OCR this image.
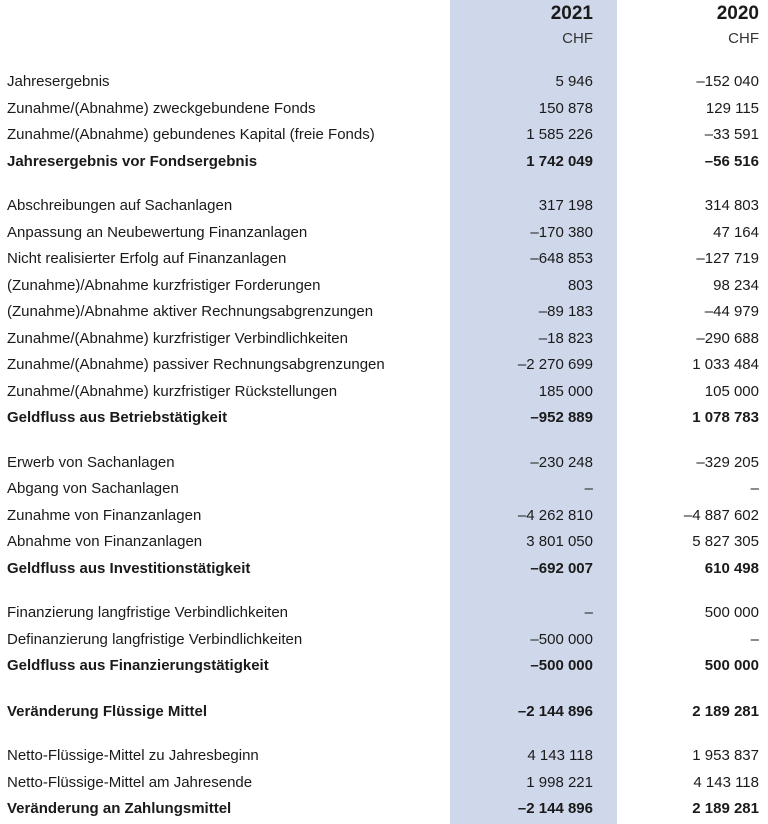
	2021	2020
	CHF	CHF

Jahresergebnis	5 946	–152 040
Zunahme/(Abnahme) zweckgebundene Fonds	150 878	129 115
Zunahme/(Abnahme) gebundenes Kapital (freie Fonds)	1 585 226	–33 591
Jahresergebnis vor Fondsergebnis	1 742 049	–56 516

Abschreibungen auf Sachanlagen	317 198	314 803
Anpassung an Neubewertung Finanzanlagen	–170 380	47 164
Nicht realisierter Erfolg auf Finanzanlagen	–648 853	–127 719
(Zunahme)/Abnahme kurzfristiger Forderungen	803	98 234
(Zunahme)/Abnahme aktiver Rechnungsabgrenzungen	–89 183	–44 979
Zunahme/(Abnahme) kurzfristiger Verbindlichkeiten	–18 823	–290 688
Zunahme/(Abnahme) passiver Rechnungsabgrenzungen	–2 270 699	1 033 484
Zunahme/(Abnahme) kurzfristiger Rückstellungen	185 000	105 000
Geldfluss aus Betriebstätigkeit	–952 889	1 078 783

Erwerb von Sachanlagen	–230 248	–329 205
Abgang von Sachanlagen	–	–
Zunahme von Finanzanlagen	–4 262 810	–4 887 602
Abnahme von Finanzanlagen	3 801 050	5 827 305
Geldfluss aus Investitionstätigkeit	–692 007	610 498

Finanzierung langfristige Verbindlichkeiten	–	500 000
Definanzierung langfristige Verbindlichkeiten	–500 000	–
Geldfluss aus Finanzierungstätigkeit	–500 000	500 000

Veränderung Flüssige Mittel	–2 144 896	2 189 281

Netto-Flüssige-Mittel zu Jahresbeginn	4 143 118	1 953 837
Netto-Flüssige-Mittel am Jahresende	1 998 221	4 143 118
Veränderung an Zahlungsmittel	–2 144 896	2 189 281
